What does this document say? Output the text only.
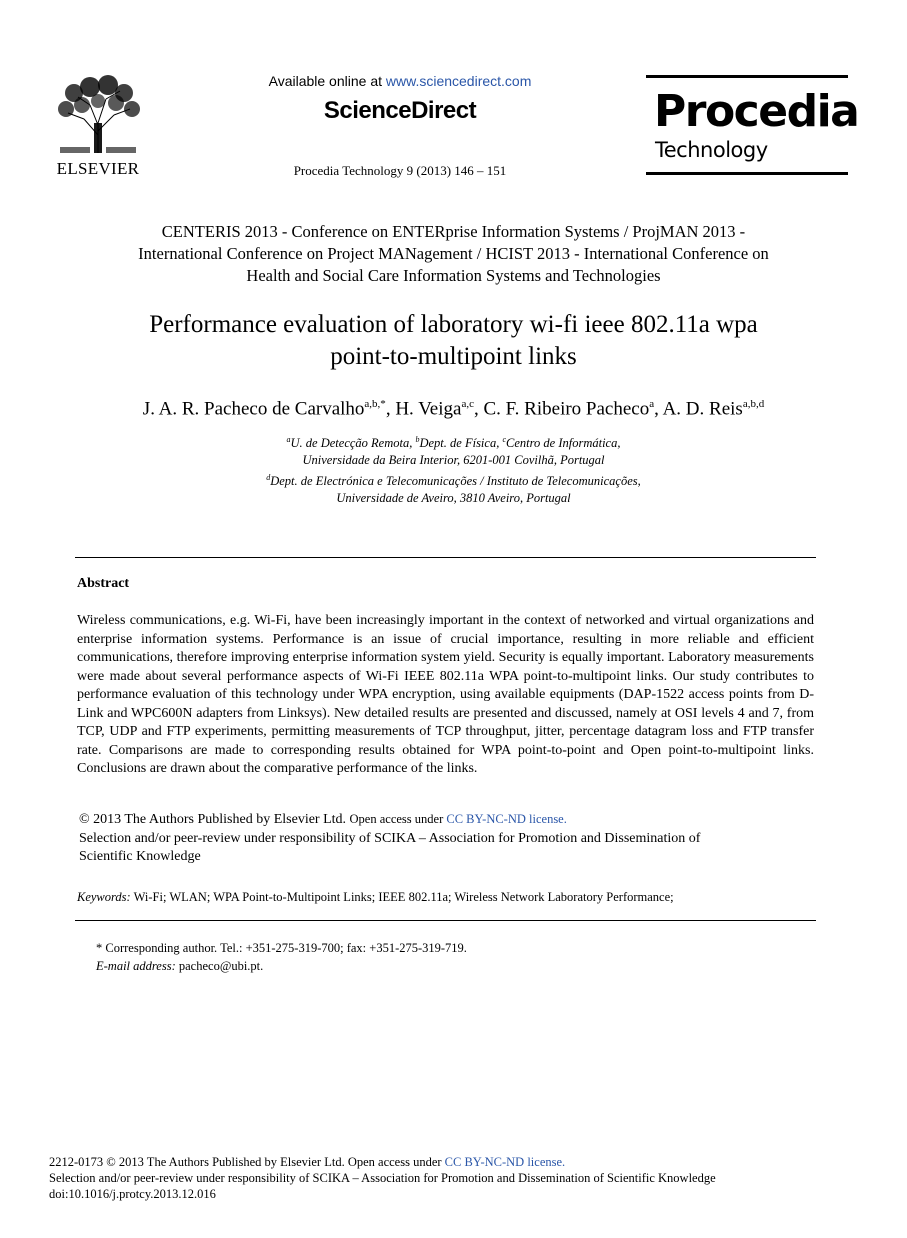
ELSEVIER
Available online at www.sciencedirect.com
ScienceDirect
Procedia Technology 9 (2013) 146 – 151
Procedia
Technology
CENTERIS 2013 - Conference on ENTERprise Information Systems / ProjMAN 2013 -
International Conference on Project MANagement / HCIST 2013 - International Conference on
Health and Social Care Information Systems and Technologies
Performance evaluation of laboratory wi-fi ieee 802.11a wpa
point-to-multipoint links
J. A. R. Pacheco de Carvalho$^{a,b,*}$, H. Veiga$^{a,c}$, C. F. Ribeiro Pacheco$^a$, A. D. Reis$^{a,b,d}$
$^a$U. de Detecção Remota, $^b$Dept. de Física, $^c$Centro de Informática,
Universidade da Beira Interior, 6201-001 Covilhã, Portugal
$^d$Dept. de Electrónica e Telecomunicações / Instituto de Telecomunicações,
Universidade de Aveiro, 3810 Aveiro, Portugal
Abstract
Wireless communications, e.g. Wi-Fi, have been increasingly important in the context of networked and virtual organizations and enterprise information systems. Performance is an issue of crucial importance, resulting in more reliable and efficient communications, therefore improving enterprise information system yield. Security is equally important. Laboratory measurements were made about several performance aspects of Wi-Fi IEEE 802.11a WPA point-to-multipoint links. Our study contributes to performance evaluation of this technology under WPA encryption, using available equipments (DAP-1522 access points from D-Link and WPC600N adapters from Linksys). New detailed results are presented and discussed, namely at OSI levels 4 and 7, from TCP, UDP and FTP experiments, permitting measurements of TCP throughput, jitter, percentage datagram loss and FTP transfer rate. Comparisons are made to corresponding results obtained for WPA point-to-point and Open point-to-multipoint links. Conclusions are drawn about the comparative performance of the links.
© 2013 The Authors Published by Elsevier Ltd. Open access under CC BY-NC-ND license.
Selection and/or peer-review under responsibility of SCIKA – Association for Promotion and Dissemination of
Scientific Knowledge
Keywords: Wi-Fi; WLAN; WPA Point-to-Multipoint Links; IEEE 802.11a; Wireless Network Laboratory Performance;
* Corresponding author. Tel.: +351-275-319-700; fax: +351-275-319-719.
E-mail address: pacheco@ubi.pt.
2212-0173 © 2013 The Authors Published by Elsevier Ltd. Open access under CC BY-NC-ND license.
Selection and/or peer-review under responsibility of SCIKA – Association for Promotion and Dissemination of Scientific Knowledge
doi:10.1016/j.protcy.2013.12.016
